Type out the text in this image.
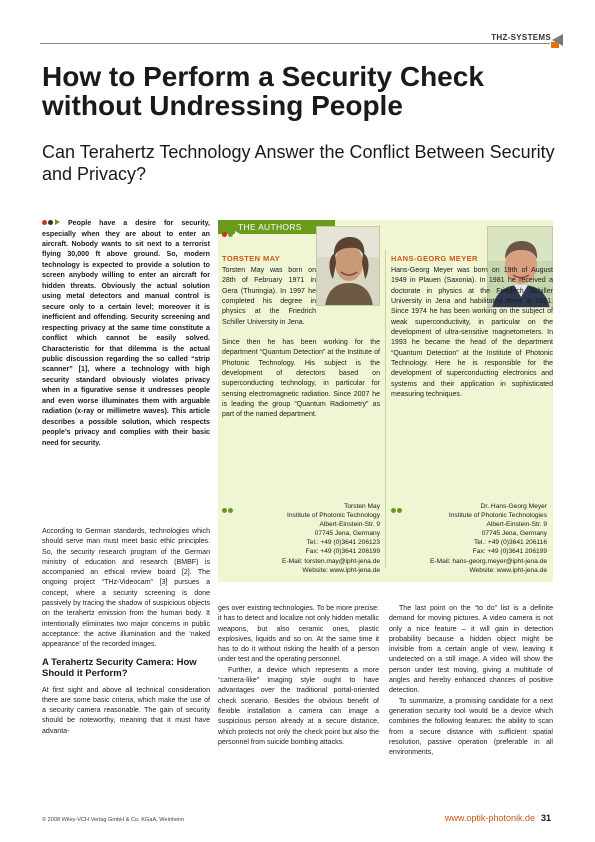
THZ-SYSTEMS
How to Perform a Security Check without Undressing People
Can Terahertz Technology Answer the Conflict Between Security and Privacy?
People have a desire for security, especially when they are about to enter an aircraft. Nobody wants to sit next to a terrorist flying 30,000 ft above ground. So, modern technology is expected to provide a solution to screen anybody willing to enter an aircraft for hidden threats. Obviously the actual solution using metal detectors and manual control is secure only to a certain level; moreover it is inefficient and offending. Security screening and respecting privacy at the same time constitute a conflict which cannot be easily solved. Characteristic for that dilemma is the actual public discussion regarding the so called “strip scanner” [1], where a technology with high security standard obviously violates privacy when in a figurative sense it undresses people and even worse illuminates them with arguable radiation (x-ray or millimetre waves). This article describes a possible solution, which respects people’s privacy and complies with their basic need for security.
THE AUTHORS
TORSTEN MAY
Torsten May was born on 28th of February 1971 in Gera (Thuringia). In 1997 he completed his degree in physics at the Friedrich Schiller University in Jena.
Since then he has been working for the department “Quantum Detection” at the Institute of Photonic Technology. His subject is the development of detectors based on superconducting technology, in particular for sensing electromagnetic radiation. Since 2007 he is leading the group “Quantum Radiometry” as part of the named department.
Torsten May
Institute of Photonic Technology
Albert-Einstein-Str. 9
07745 Jena, Germany
Tel.: +49 (0)3641 206123
Fax: +49 (0)3641 206199
E-Mail: torsten.may@ipht-jena.de
Website: www.ipht-jena.de
HANS-GEORG MEYER
Hans-Georg Meyer was born on 19th of August 1949 in Plauen (Saxonia). In 1981 he received a doctorate in physics at the Friedrich Schiller University in Jena and habilitated there in 1991. Since 1974 he has been working on the subject of weak superconductivity, in particular on the development of ultra-sensitive magnetometers. In 1993 he became the head of the department “Quantum Detection” at the Institute of Photonic Technology. Here he is responsible for the development of superconducting electronics and systems and their application in sophisticated measuring techniques.
Dr. Hans-Georg Meyer
Institute of Photonic Technologies
Albert-Einstein-Str. 9
07745 Jena, Germany
Tel.: +49 (0)3641 206116
Fax: +49 (0)3641 206199
E-Mail: hans-georg.meyer@ipht-jena.de
Website: www.ipht-jena.de

According to German standards, technologies which should serve man must meet basic ethic principles. So, the security research program of the German ministry of education and research (BMBF) is accompanied an ethical review board [2]. The ongoing project “THz-Videocam” [3] pursues a concept, where a security screening is done passively by tracing the shadow of suspicious objects on the terahertz emission from the human body. It intentionally eliminates two major concerns in public acceptance: the active illumination and the ‘naked appearance’ of the recorded images.

A Terahertz Security Camera: How Should it Perform?

At first sight and above all technical consideration there are some basic criteria, which make the use of a security camera reasonable. The gain of security should be noteworthy, meaning that it must have advanta-

ges over existing technologies. To be more precise: it has to detect and localize not only hidden metallic weapons, but also ceramic ones, plastic explosives, liquids and so on. At the same time it has to do it without risking the health of a person under test and the operating personnel.

Further, a device which represents a more “camera-like” imaging style ought to have advantages over the traditional portal-oriented check scenario. Besides the obvious benefit of flexible installation a camera can image a suspicious person already at a secure distance, which protects not only the check point but also the personnel from suicide bombing attacks.

The last point on the “to do” list is a definite demand for moving pictures. A video camera is not only a nice feature – it will gain in detection probability because a hidden object might be invisible from a certain angle of view, leaving it undetected on a still image. A video will show the person under test moving, giving a multitude of angles and hereby enhanced chances of positive detection.

To summarize, a promising candidate for a next generation security tool would be a device which combines the following features: the ability to scan from a secure distance with sufficient spatial resolution, passive operation (preferable in all environments,

© 2008 Wiley-VCH Verlag GmbH & Co. KGaA, Weinheim	www.optik-photonik.de 31
